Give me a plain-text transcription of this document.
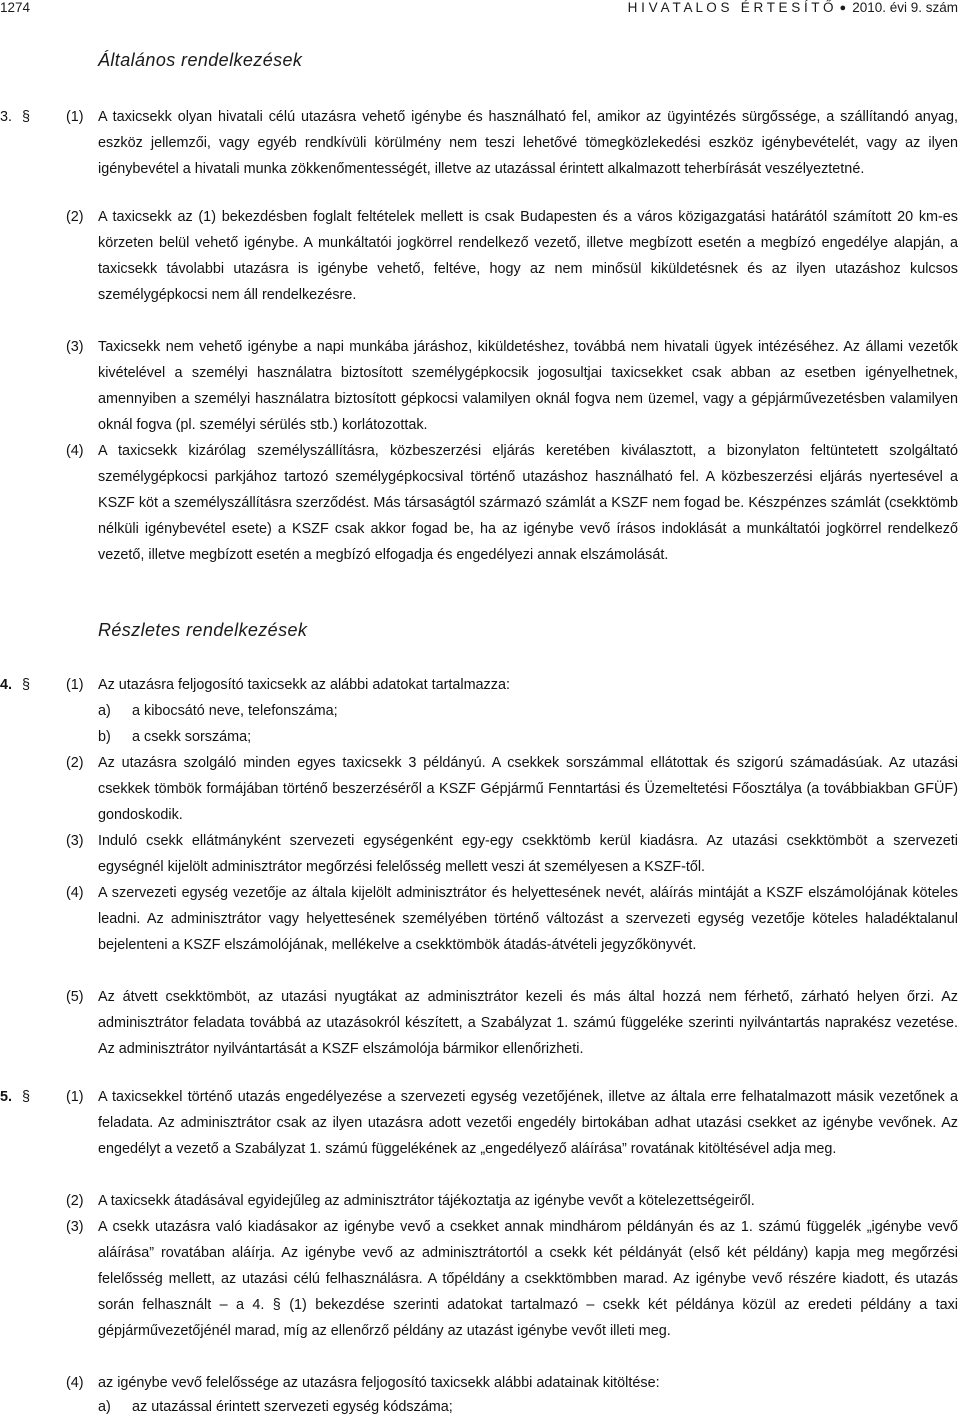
1274	H I V A T A L O S   É R T E S Í T Ő ● 2010. évi 9. szám
Általános rendelkezések
3. § (1) A taxicsekk olyan hivatali célú utazásra vehető igénybe és használható fel, amikor az ügyintézés sürgőssége, a szállítandó anyag, eszköz jellemzői, vagy egyéb rendkívüli körülmény nem teszi lehetővé tömegközlekedési eszköz igénybevételét, vagy az ilyen igénybevétel a hivatali munka zökkenőmentességét, illetve az utazással érintett alkalmazott teherbírását veszélyeztetné.
(2) A taxicsekk az (1) bekezdésben foglalt feltételek mellett is csak Budapesten és a város közigazgatási határától számított 20 km-es körzeten belül vehető igénybe. A munkáltatói jogkörrel rendelkező vezető, illetve megbízott esetén a megbízó engedélye alapján, a taxicsekk távolabbi utazásra is igénybe vehető, feltéve, hogy az nem minősül kiküldetésnek és az ilyen utazáshoz kulcsos személygépkocsi nem áll rendelkezésre.
(3) Taxicsekk nem vehető igénybe a napi munkába járáshoz, kiküldetéshez, továbbá nem hivatali ügyek intézéséhez. Az állami vezetők kivételével a személyi használatra biztosított személygépkocsik jogosultjai taxicsekket csak abban az esetben igényelhetnek, amennyiben a személyi használatra biztosított gépkocsi valamilyen oknál fogva nem üzemel, vagy a gépjárművezetésben valamilyen oknál fogva (pl. személyi sérülés stb.) korlátozottak.
(4) A taxicsekk kizárólag személyszállításra, közbeszerzési eljárás keretében kiválasztott, a bizonylaton feltüntetett szolgáltató személygépkocsi parkjához tartozó személygépkocsival történő utazáshoz használható fel. A közbeszerzési eljárás nyertesével a KSZF köt a személyszállításra szerződést. Más társaságtól származó számlát a KSZF nem fogad be. Készpénzes számlát (csekktömb nélküli igénybevétel esete) a KSZF csak akkor fogad be, ha az igénybe vevő írásos indoklását a munkáltatói jogkörrel rendelkező vezető, illetve megbízott esetén a megbízó elfogadja és engedélyezi annak elszámolását.
Részletes rendelkezések
4. § (1) Az utazásra feljogosító taxicsekk az alábbi adatokat tartalmazza:
a) a kibocsátó neve, telefonszáma;
b) a csekk sorszáma;
(2) Az utazásra szolgáló minden egyes taxicsekk 3 példányú. A csekkek sorszámmal ellátottak és szigorú számadásúak. Az utazási csekkek tömbök formájában történő beszerzéséről a KSZF Gépjármű Fenntartási és Üzemeltetési Főosztálya (a továbbiakban GFÜF) gondoskodik.
(3) Induló csekk ellátmányként szervezeti egységenként egy-egy csekktömb kerül kiadásra. Az utazási csekktömböt a szervezeti egységnél kijelölt adminisztrátor megőrzési felelősség mellett veszi át személyesen a KSZF-től.
(4) A szervezeti egység vezetője az általa kijelölt adminisztrátor és helyettesének nevét, aláírás mintáját a KSZF elszámolójának köteles leadni. Az adminisztrátor vagy helyettesének személyében történő változást a szervezeti egység vezetője köteles haladéktalanul bejelenteni a KSZF elszámolójának, mellékelve a csekktömbök átadás-átvételi jegyzőkönyvét.
(5) Az átvett csekktömböt, az utazási nyugtákat az adminisztrátor kezeli és más által hozzá nem férhető, zárható helyen őrzi. Az adminisztrátor feladata továbbá az utazásokról készített, a Szabályzat 1. számú függeléke szerinti nyilvántartás naprakész vezetése. Az adminisztrátor nyilvántartását a KSZF elszámolója bármikor ellenőrizheti.
5. § (1) A taxicsekkel történő utazás engedélyezése a szervezeti egység vezetőjének, illetve az általa erre felhatalmazott másik vezetőnek a feladata. Az adminisztrátor csak az ilyen utazásra adott vezetői engedély birtokában adhat utazási csekket az igénybe vevőnek. Az engedélyt a vezető a Szabályzat 1. számú függelékének az „engedélyező aláírása” rovatának kitöltésével adja meg.
(2) A taxicsekk átadásával egyidejűleg az adminisztrátor tájékoztatja az igénybe vevőt a kötelezettségeiről.
(3) A csekk utazásra való kiadásakor az igénybe vevő a csekket annak mindhárom példányán és az 1. számú függelék „igénybe vevő aláírása” rovatában aláírja. Az igénybe vevő az adminisztrátortól a csekk két példányát (első két példány) kapja meg megőrzési felelősség mellett, az utazási célú felhasználásra. A tőpéldány a csekktömbben marad. Az igénybe vevő részére kiadott, és utazás során felhasznált – a 4. § (1) bekezdése szerinti adatokat tartalmazó – csekk két példánya közül az eredeti példány a taxi gépjárművezetőjénél marad, míg az ellenőrző példány az utazást igénybe vevőt illeti meg.
(4) az igénybe vevő felelőssége az utazásra feljogosító taxicsekk alábbi adatainak kitöltése:
a) az utazással érintett szervezeti egység kódszáma;
